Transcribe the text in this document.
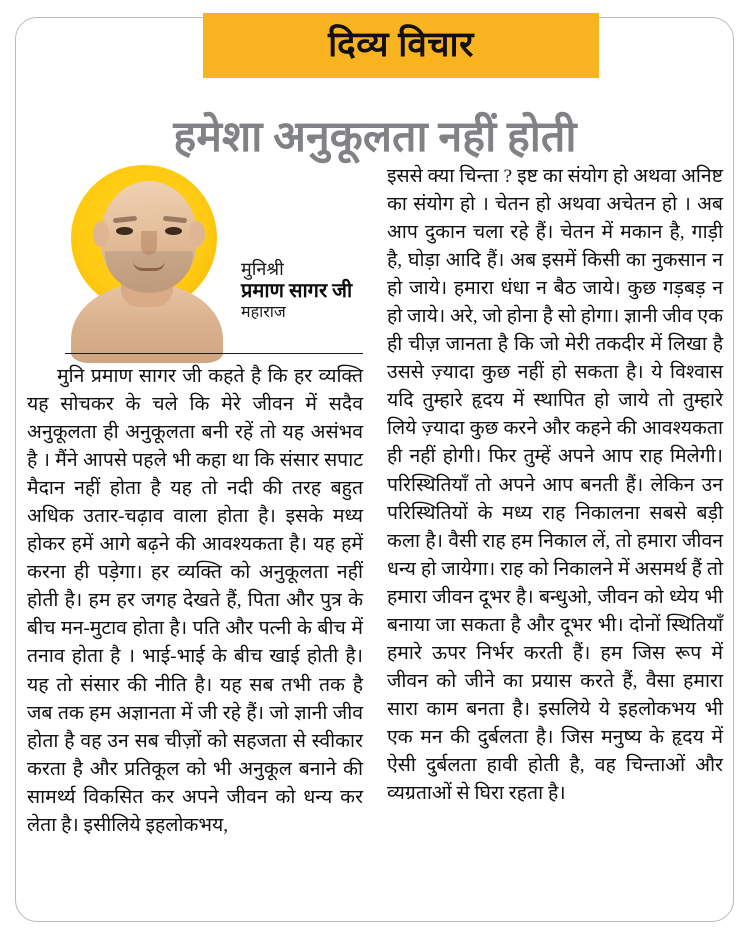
दिव्य विचार
हमेशा अनुकूलता नहीं होती
मुनिश्री
प्रमाण सागर जी
महाराज

मुनि प्रमाण सागर जी कहते है कि हर व्यक्ति यह सोचकर के चले कि मेरे जीवन में सदैव अनुकूलता ही अनुकूलता बनी रहें तो यह असंभव है । मैंने आपसे पहले भी कहा था कि संसार सपाट मैदान नहीं होता है यह तो नदी की तरह बहुत अधिक उतार-चढ़ाव वाला होता है। इसके मध्य होकर हमें आगे बढ़ने की आवश्यकता है। यह हमें करना ही पड़ेगा। हर व्यक्ति को अनुकूलता नहीं होती है। हम हर जगह देखते हैं, पिता और पुत्र के बीच मन-मुटाव होता है। पति और पत्नी के बीच में तनाव होता है । भाई-भाई के बीच खाई होती है। यह तो संसार की नीति है। यह सब तभी तक है जब तक हम अज्ञानता में जी रहे हैं। जो ज्ञानी जीव होता है वह उन सब चीज़ों को सहजता से स्वीकार करता है और प्रतिकूल को भी अनुकूल बनाने की सामर्थ्य विकसित कर अपने जीवन को धन्य कर लेता है। इसीलिये इहलोकभय,

इससे क्या चिन्ता ? इष्ट का संयोग हो अथवा अनिष्ट का संयोग हो । चेतन हो अथवा अचेतन हो । अब आप दुकान चला रहे हैं। चेतन में मकान है, गाड़ी है, घोड़ा आदि हैं। अब इसमें किसी का नुकसान न हो जाये। हमारा धंधा न बैठ जाये। कुछ गड़बड़ न हो जाये। अरे, जो होना है सो होगा। ज्ञानी जीव एक ही चीज़ जानता है कि जो मेरी तकदीर में लिखा है उससे ज़्यादा कुछ नहीं हो सकता है। ये विश्वास यदि तुम्हारे हृदय में स्थापित हो जाये तो तुम्हारे लिये ज़्यादा कुछ करने और कहने की आवश्यकता ही नहीं होगी। फिर तुम्हें अपने आप राह मिलेगी। परिस्थितियाँ तो अपने आप बनती हैं। लेकिन उन परिस्थितियों के मध्य राह निकालना सबसे बड़ी कला है। वैसी राह हम निकाल लें, तो हमारा जीवन धन्य हो जायेगा। राह को निकालने में असमर्थ हैं तो हमारा जीवन दूभर है। बन्धुओ, जीवन को ध्येय भी बनाया जा सकता है और दूभर भी। दोनों स्थितियाँ हमारे ऊपर निर्भर करती हैं। हम जिस रूप में जीवन को जीने का प्रयास करते हैं, वैसा हमारा सारा काम बनता है। इसलिये ये इहलोकभय भी एक मन की दुर्बलता है। जिस मनुष्य के हृदय में ऐसी दुर्बलता हावी होती है, वह चिन्ताओं और व्यग्रताओं से घिरा रहता है।
